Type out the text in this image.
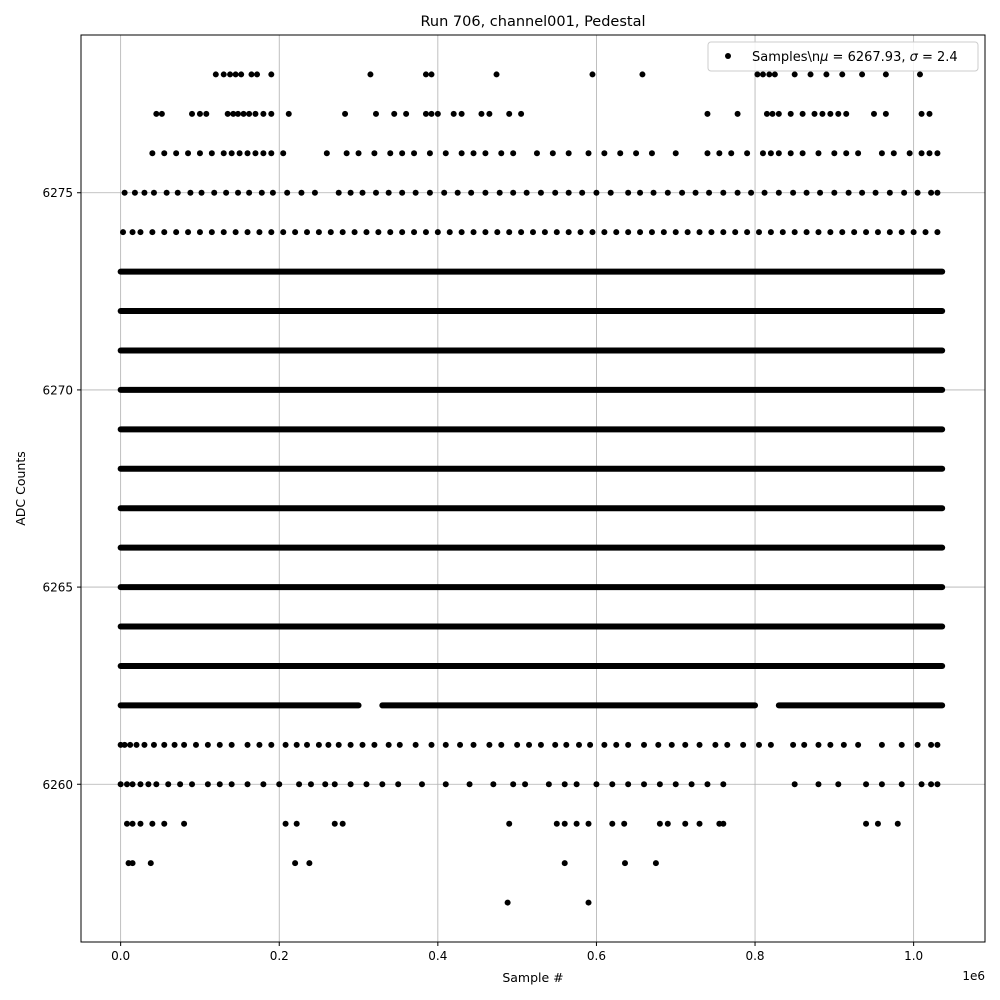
0.0	0.2	0.4	0.6	0.8	1.0
6260
6265
6270
6275
Run 706, channel001, Pedestal
Sample #
ADC Counts
1e6
Samples\nμ = 6267.93, σ = 2.4
